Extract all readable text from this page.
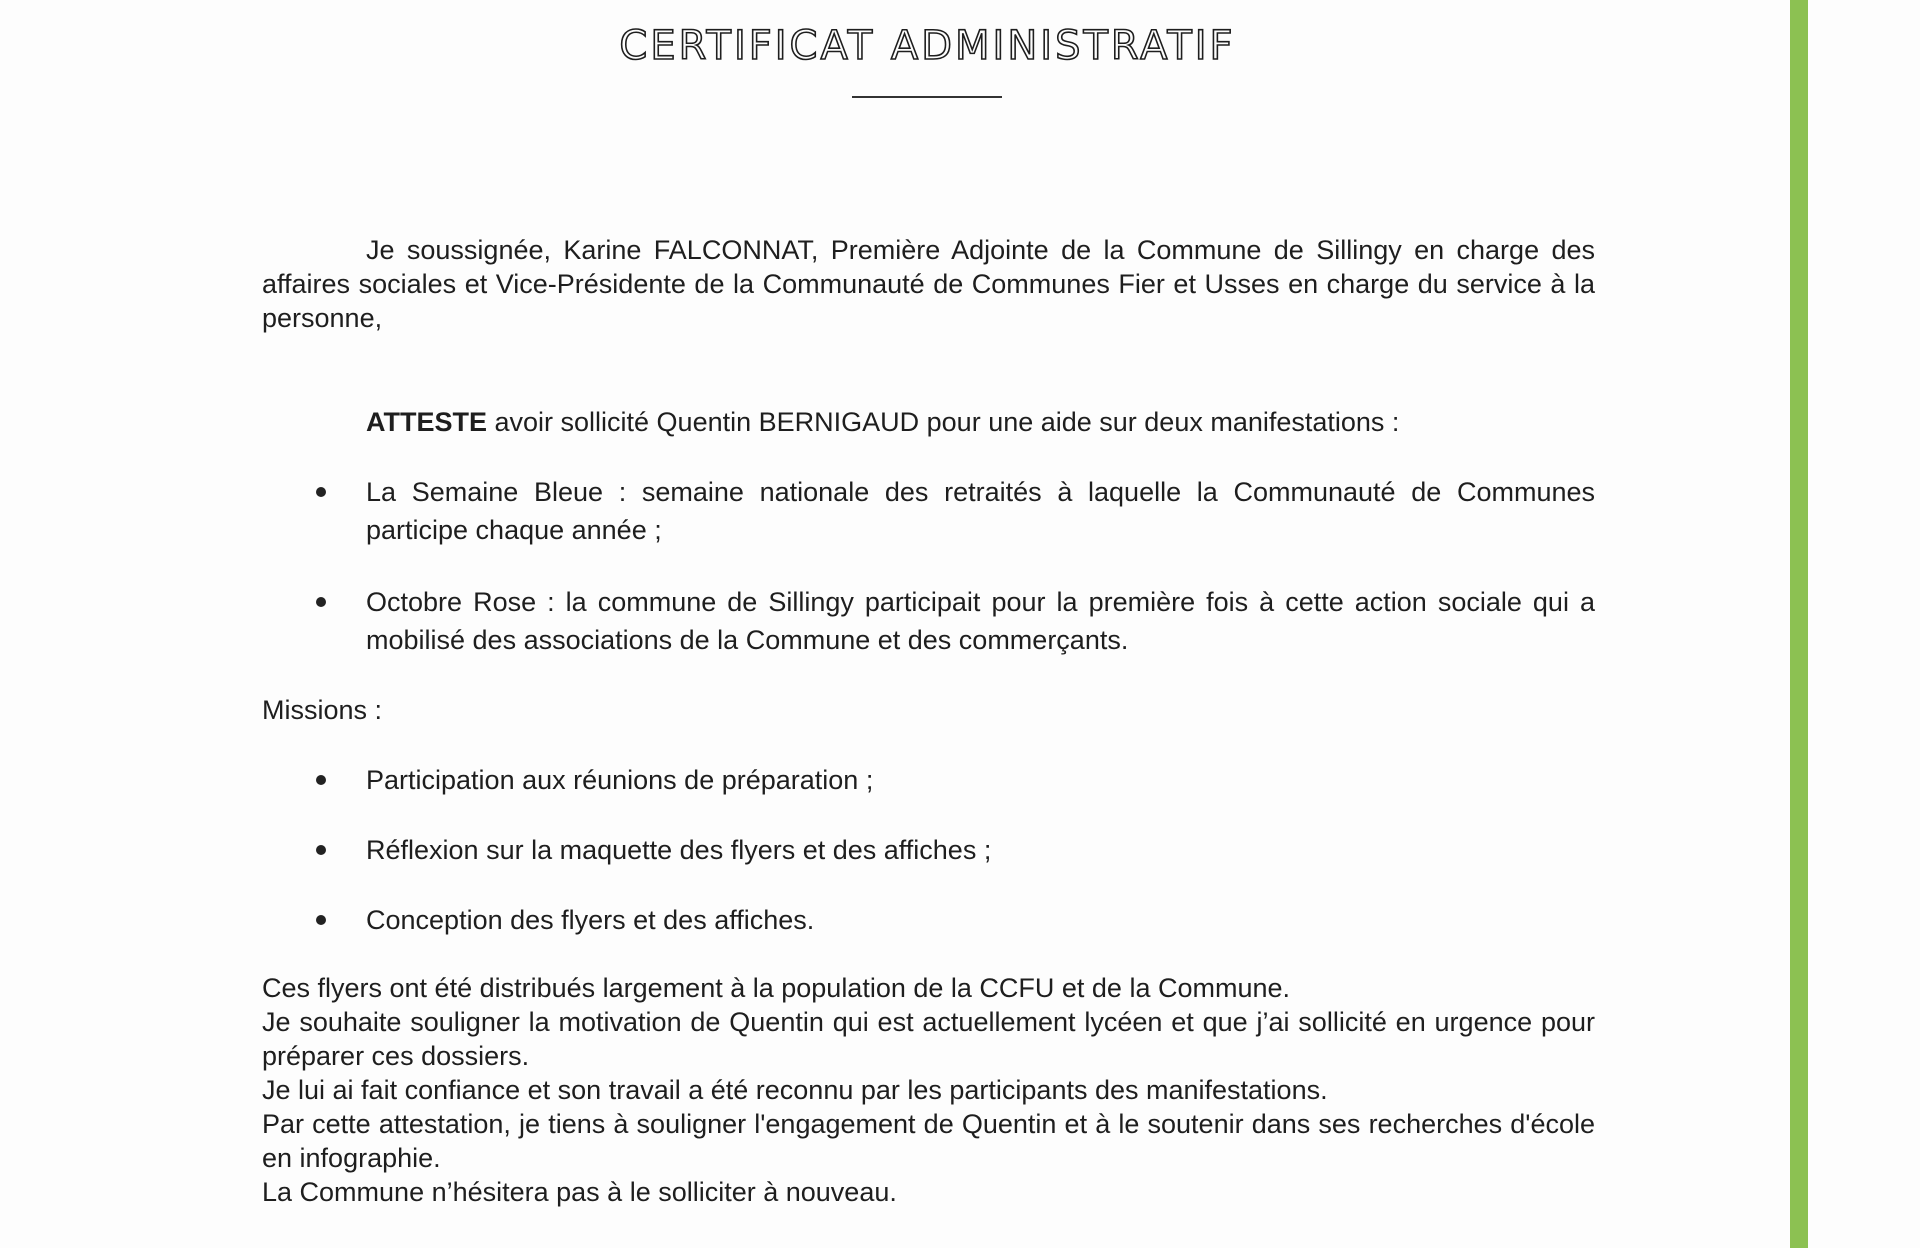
CERTIFICAT ADMINISTRATIF

Je soussignée, Karine FALCONNAT, Première Adjointe de la Commune de Sillingy en charge des affaires sociales et Vice-Présidente de la Communauté de Communes Fier et Usses en charge du service à la personne,

ATTESTE avoir sollicité Quentin BERNIGAUD pour une aide sur deux manifestations :

La Semaine Bleue : semaine nationale des retraités à laquelle la Communauté de Communes participe chaque année ;
Octobre Rose : la commune de Sillingy participait pour la première fois à cette action sociale qui a mobilisé des associations de la Commune et des commerçants.

Missions :

Participation aux réunions de préparation ;
Réflexion sur la maquette des flyers et des affiches ;
Conception des flyers et des affiches.
Ces flyers ont été distribués largement à la population de la CCFU et de la Commune.
Je souhaite souligner la motivation de Quentin qui est actuellement lycéen et que j’ai sollicité en urgence pour préparer ces dossiers.
Je lui ai fait confiance et son travail a été reconnu par les participants des manifestations.
Par cette attestation, je tiens à souligner l'engagement de Quentin et à le soutenir dans ses recherches d'école en infographie.
La Commune n’hésitera pas à le solliciter à nouveau.
